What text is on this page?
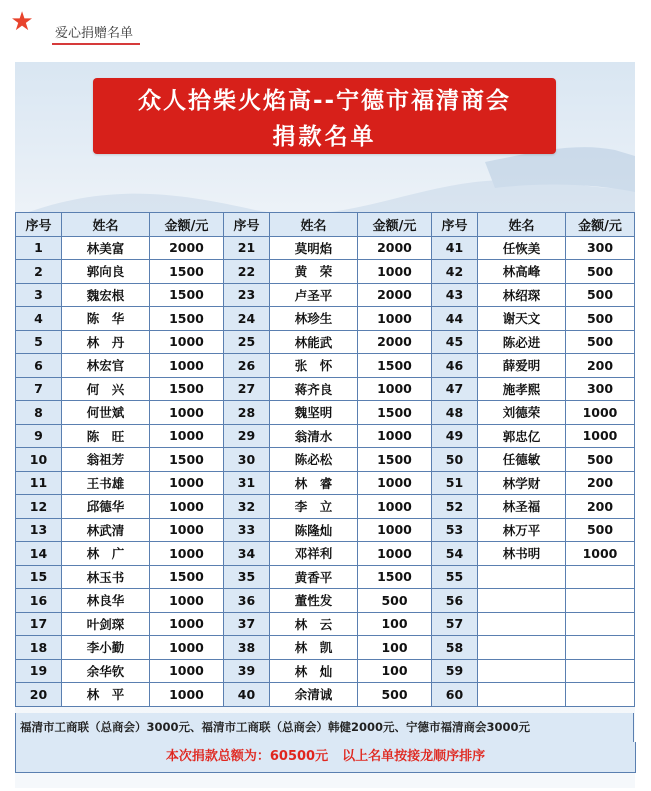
★ 爱心捐赠名单
众人拾柴火焰高--宁德市福清商会
捐款名单
序号	姓名	金额/元	序号	姓名	金额/元	序号	姓名	金额/元
1	林美富	2000	21	莫明焰	2000	41	任恢美	300
2	郭向良	1500	22	黄　荣	1000	42	林高峰	500
3	魏宏根	1500	23	卢圣平	2000	43	林绍琛	500
4	陈　华	1500	24	林珍生	1000	44	谢天文	500
5	林　丹	1000	25	林能武	2000	45	陈必进	500
6	林宏官	1000	26	张　怀	1500	46	薛爱明	200
7	何　兴	1500	27	蒋齐良	1000	47	施孝熙	300
8	何世斌	1000	28	魏坚明	1500	48	刘德荣	1000
9	陈　旺	1000	29	翁清水	1000	49	郭忠亿	1000
10	翁祖芳	1500	30	陈必松	1500	50	任德敏	500
11	王书雄	1000	31	林　睿	1000	51	林学财	200
12	邱德华	1000	32	李　立	1000	52	林圣福	200
13	林武清	1000	33	陈隆灿	1000	53	林万平	500
14	林　广	1000	34	邓祥利	1000	54	林书明	1000
15	林玉书	1500	35	黄香平	1500	55		
16	林良华	1000	36	董性发	500	56		
17	叶剑琛	1000	37	林　云	100	57		
18	李小勤	1000	38	林　凯	100	58		
19	余华钦	1000	39	林　灿	100	59		
20	林　平	1000	40	余清诚	500	60		
福清市工商联（总商会）3000元、福清市工商联（总商会）韩健2000元、宁德市福清商会3000元
本次捐款总额为：60500元 以上名单按接龙顺序排序
